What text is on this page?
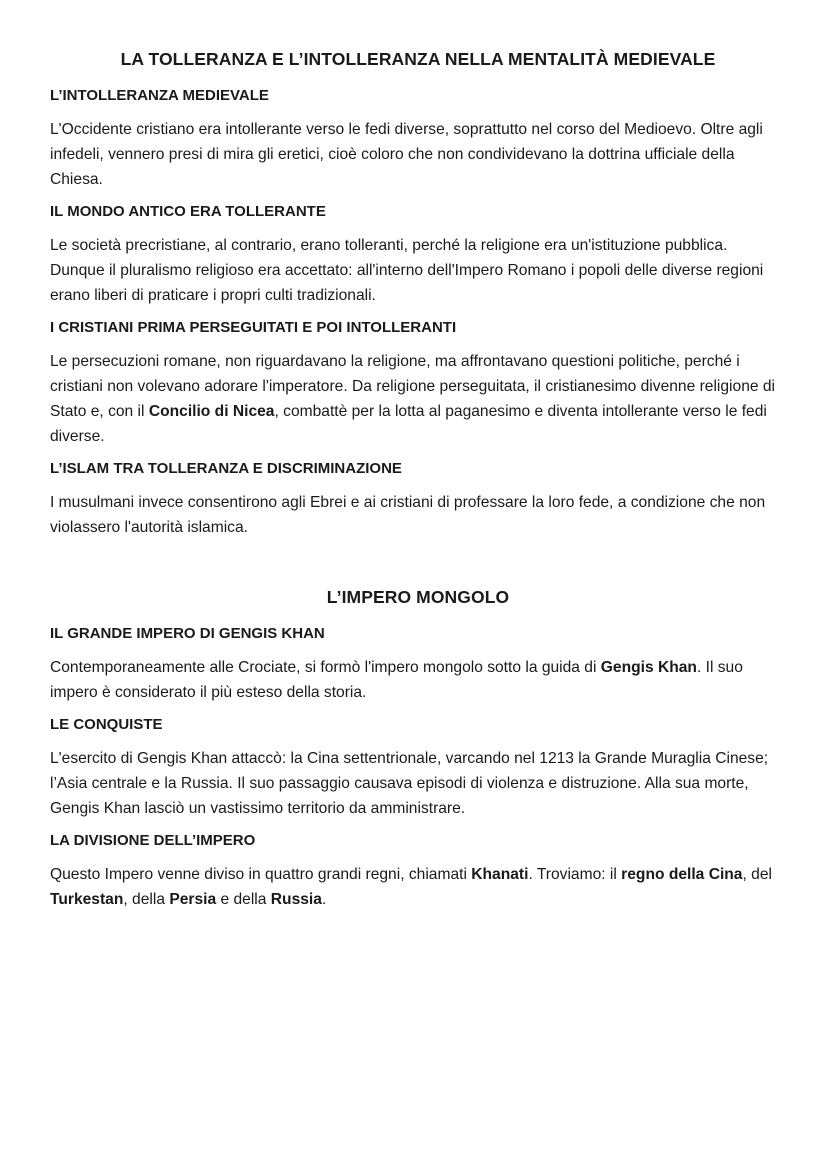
LA TOLLERANZA E L’INTOLLERANZA NELLA MENTALITÀ MEDIEVALE
L’INTOLLERANZA MEDIEVALE

L'Occidente cristiano era intollerante verso le fedi diverse, soprattutto nel corso del Medioevo. Oltre agli infedeli, vennero presi di mira gli eretici, cioè coloro che non condividevano la dottrina ufficiale della Chiesa.

IL MONDO ANTICO ERA TOLLERANTE

Le società precristiane, al contrario, erano tolleranti, perché la religione era un'istituzione pubblica. Dunque il pluralismo religioso era accettato: all'interno dell'Impero Romano i popoli delle diverse regioni erano liberi di praticare i propri culti tradizionali.

I CRISTIANI PRIMA PERSEGUITATI E POI INTOLLERANTI

Le persecuzioni romane, non riguardavano la religione, ma affrontavano questioni politiche, perché i cristiani non volevano adorare l'imperatore. Da religione perseguitata, il cristianesimo divenne religione di Stato e, con il Concilio di Nicea, combattè per la lotta al paganesimo e diventa intollerante verso le fedi diverse.

L’ISLAM TRA TOLLERANZA E DISCRIMINAZIONE

I musulmani invece consentirono agli Ebrei e ai cristiani di professare la loro fede, a condizione che non violassero l'autorità islamica.

L’IMPERO MONGOLO
IL GRANDE IMPERO DI GENGIS KHAN

Contemporaneamente alle Crociate, si formò l'impero mongolo sotto la guida di Gengis Khan. Il suo impero è considerato il più esteso della storia.

LE CONQUISTE

L'esercito di Gengis Khan attaccò: la Cina settentrionale, varcando nel 1213 la Grande Muraglia Cinese; l’Asia centrale e la Russia. Il suo passaggio causava episodi di violenza e distruzione. Alla sua morte, Gengis Khan lasciò un vastissimo territorio da amministrare.

LA DIVISIONE DELL’IMPERO

Questo Impero venne diviso in quattro grandi regni, chiamati Khanati. Troviamo: il regno della Cina, del Turkestan, della Persia e della Russia.
